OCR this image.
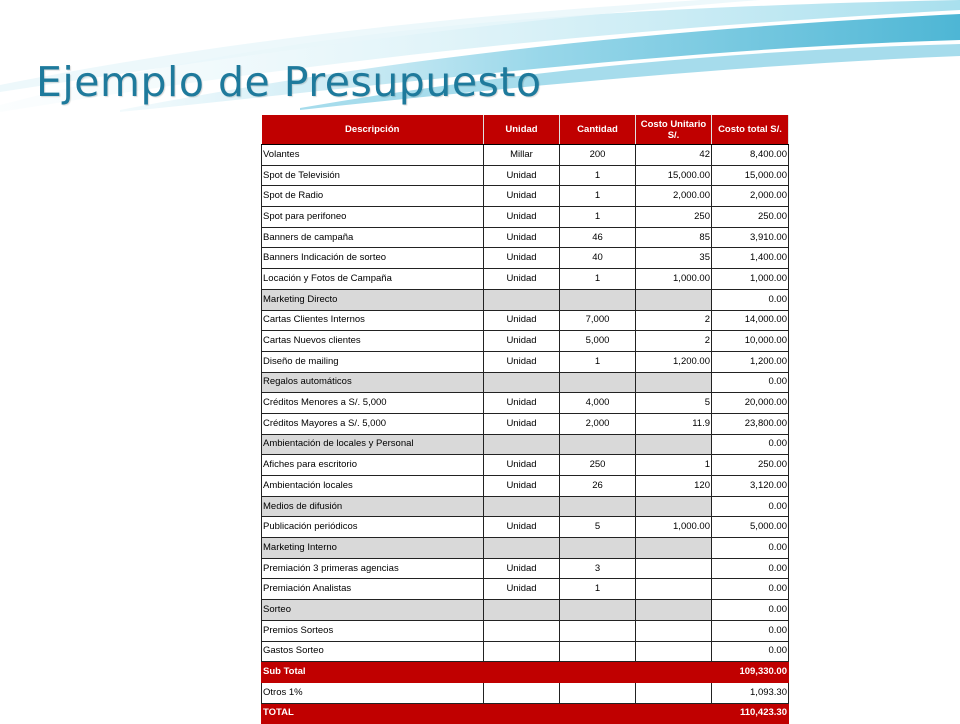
Ejemplo de Presupuesto
Descripción	Unidad	Cantidad	Costo Unitario S/.	Costo total S/.
Volantes	Millar	200	42	8,400.00
Spot de Televisión	Unidad	1	15,000.00	15,000.00
Spot de Radio	Unidad	1	2,000.00	2,000.00
Spot para perifoneo	Unidad	1	250	250.00
Banners de campaña	Unidad	46	85	3,910.00
Banners Indicación de sorteo	Unidad	40	35	1,400.00
Locación y Fotos de Campaña	Unidad	1	1,000.00	1,000.00
Marketing Directo				0.00
Cartas Clientes Internos	Unidad	7,000	2	14,000.00
Cartas Nuevos clientes	Unidad	5,000	2	10,000.00
Diseño de mailing	Unidad	1	1,200.00	1,200.00
Regalos automáticos				0.00
Créditos Menores a S/. 5,000	Unidad	4,000	5	20,000.00
Créditos Mayores a S/. 5,000	Unidad	2,000	11.9	23,800.00
Ambientación de locales y Personal				0.00
Afiches para escritorio	Unidad	250	1	250.00
Ambientación locales	Unidad	26	120	3,120.00
Medios de difusión				0.00
Publicación periódicos	Unidad	5	1,000.00	5,000.00
Marketing Interno				0.00
Premiación 3 primeras agencias	Unidad	3		0.00
Premiación Analistas	Unidad	1		0.00
Sorteo				0.00
Premios Sorteos				0.00
Gastos Sorteo				0.00
Sub Total				109,330.00
Otros 1%				1,093.30
TOTAL				110,423.30
